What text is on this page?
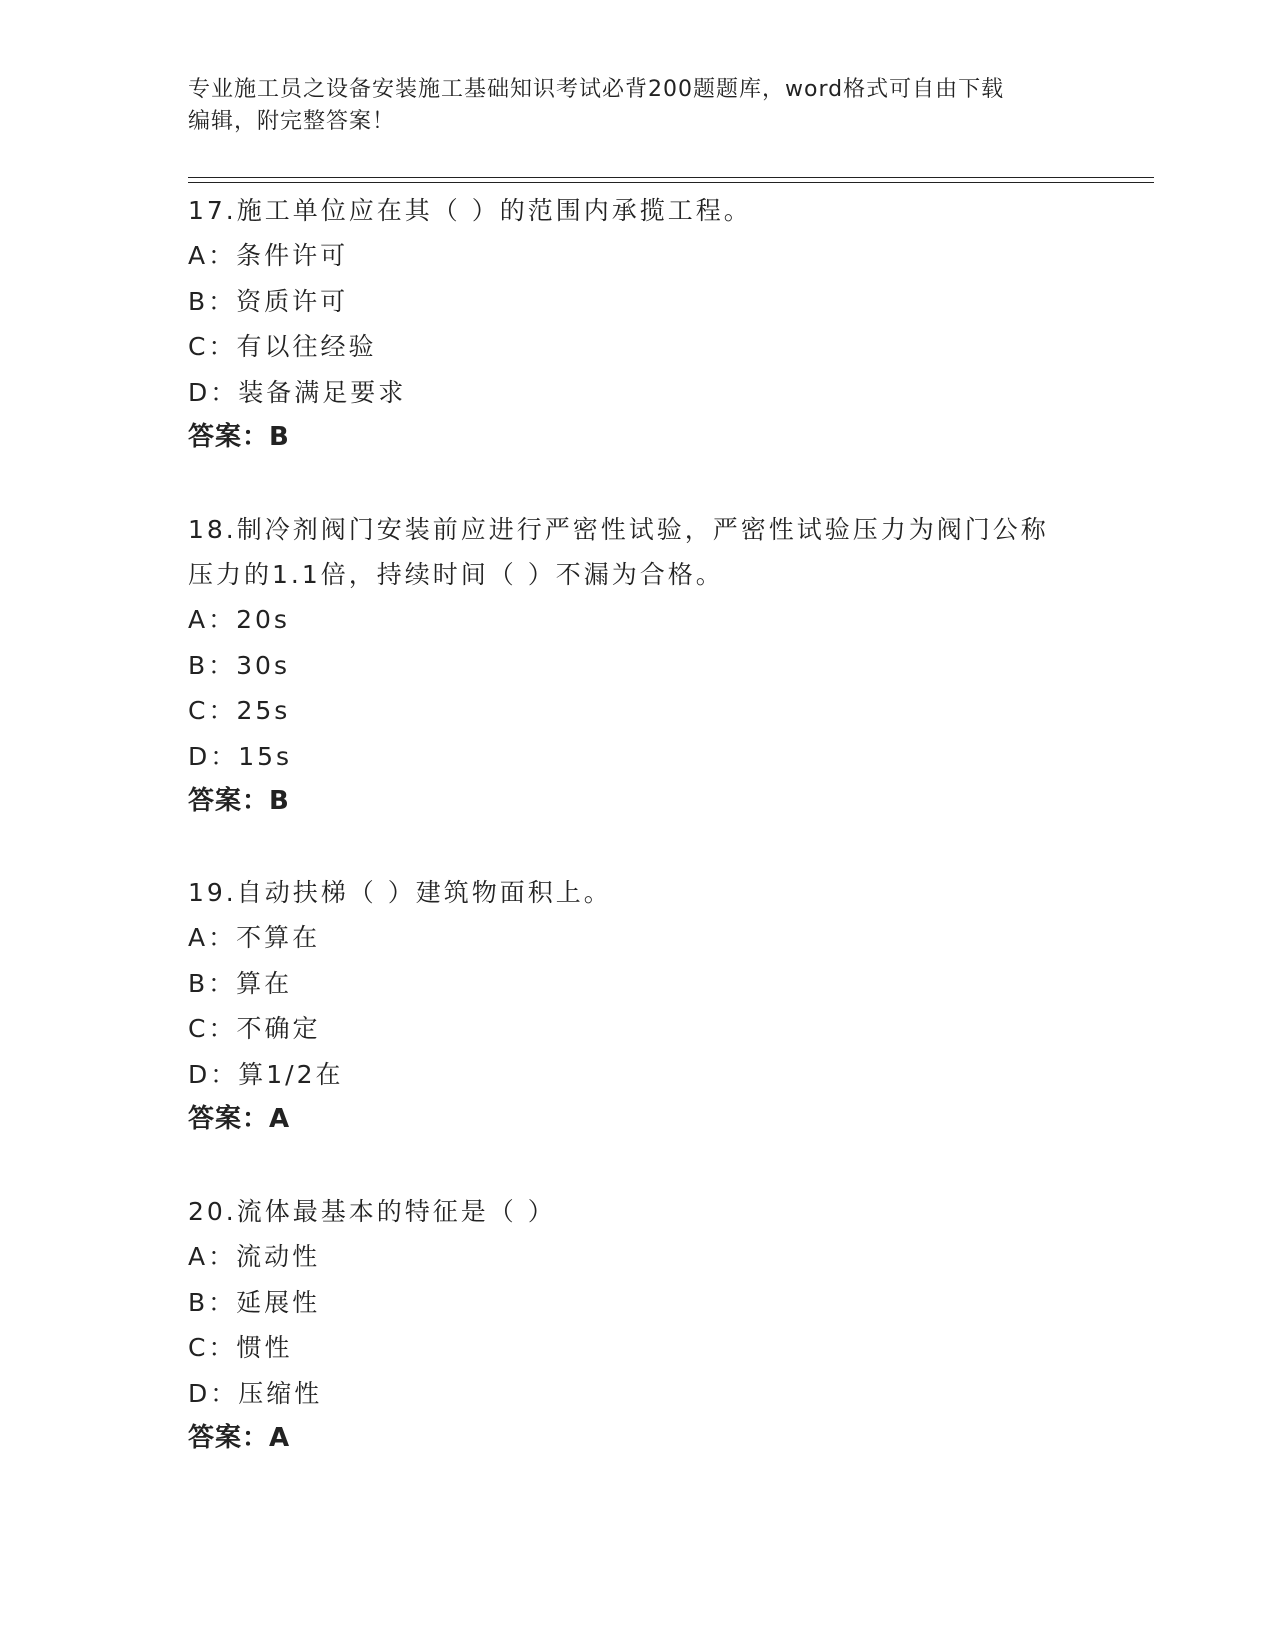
专业施工员之设备安装施工基础知识考试必背200题题库，word格式可自由下载
编辑，附完整答案！
17.施工单位应在其（ ）的范围内承揽工程。
A：条件许可
B：资质许可
C：有以往经验
D：装备满足要求
答案：B
18.制冷剂阀门安装前应进行严密性试验，严密性试验压力为阀门公称
压力的1.1倍，持续时间（ ）不漏为合格。
A：20s
B：30s
C：25s
D：15s
答案：B
19.自动扶梯（ ）建筑物面积上。
A：不算在
B：算在
C：不确定
D：算1/2在
答案：A
20.流体最基本的特征是（ ）
A：流动性
B：延展性
C：惯性
D：压缩性
答案：A
